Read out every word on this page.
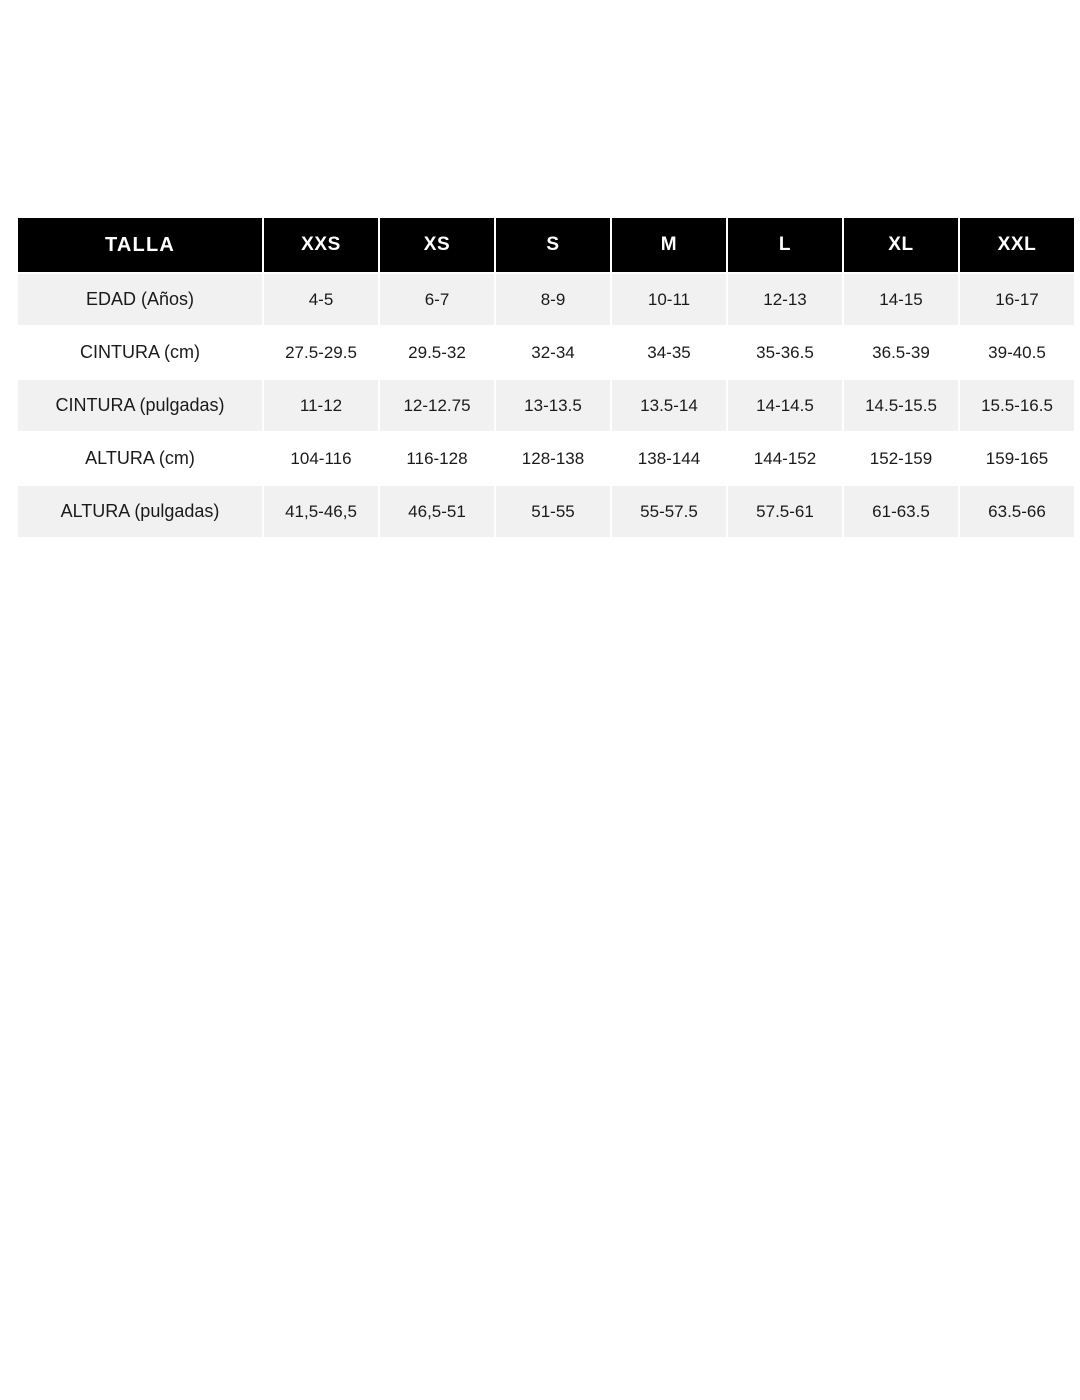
TALLA	XXS	XS	S	M	L	XL	XXL
EDAD (Años)	4-5	6-7	8-9	10-11	12-13	14-15	16-17
CINTURA (cm)	27.5-29.5	29.5-32	32-34	34-35	35-36.5	36.5-39	39-40.5
CINTURA (pulgadas)	11-12	12-12.75	13-13.5	13.5-14	14-14.5	14.5-15.5	15.5-16.5
ALTURA (cm)	104-116	116-128	128-138	138-144	144-152	152-159	159-165
ALTURA (pulgadas)	41,5-46,5	46,5-51	51-55	55-57.5	57.5-61	61-63.5	63.5-66
